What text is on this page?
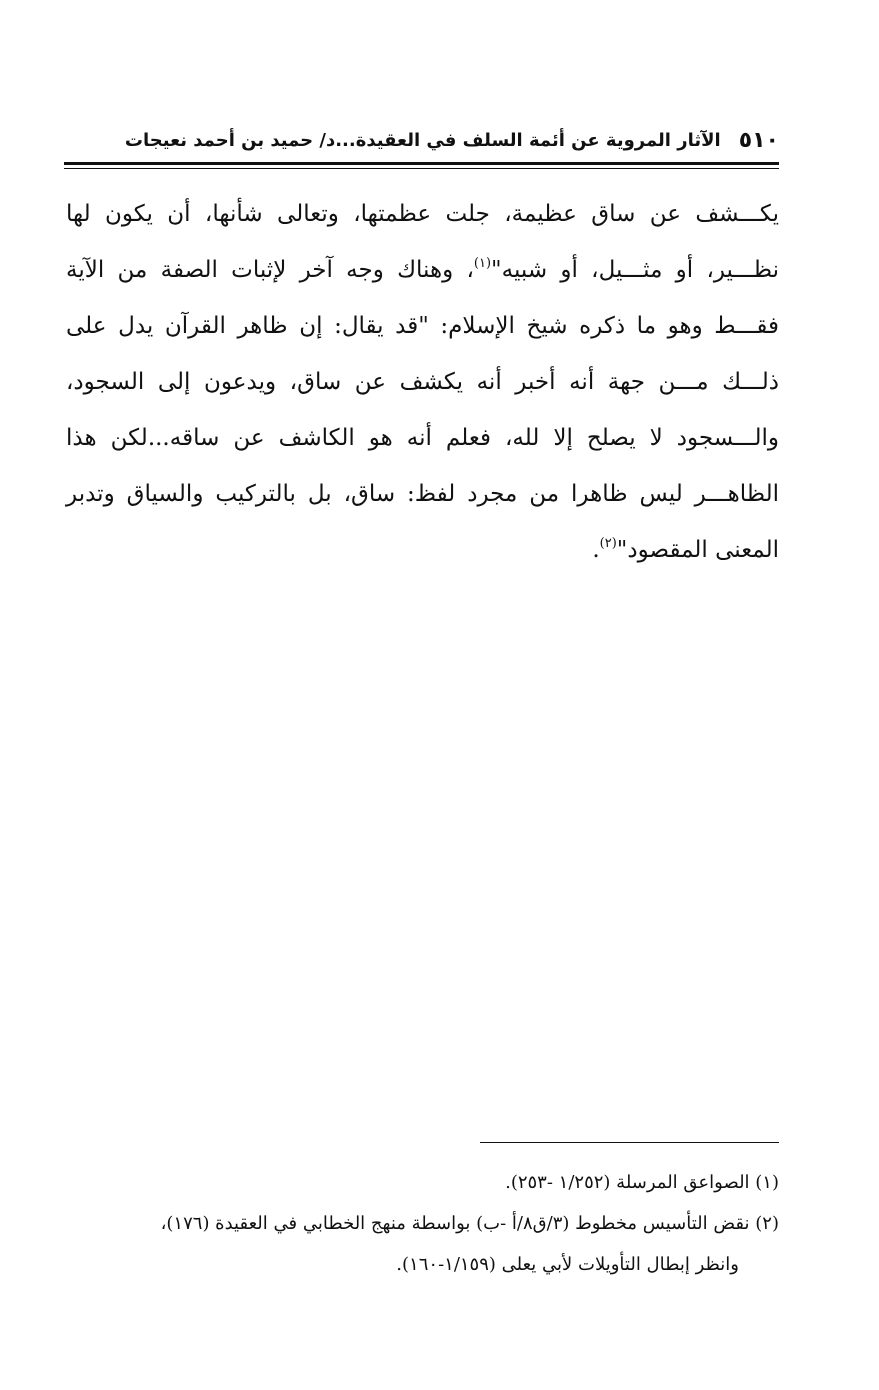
٥١٠
الآثار المروية عن أئمة السلف في العقيدة...د/ حميد بن أحمد نعيجات
يكـــشف عن ساق عظيمة، جلت عظمتها، وتعالى شأنها، أن يكون لها
نظـــير، أو مثـــيل، أو شبيه"$^{(١)}$، وهناك وجه آخر لإثبات الصفة من الآية
فقـــط وهو ما ذكره شيخ الإسلام: "قد يقال: إن ظاهر القرآن يدل على
ذلـــك مـــن جهة أنه أخبر أنه يكشف عن ساق، ويدعون إلى السجود،
والـــسجود لا يصلح إلا لله، فعلم أنه هو الكاشف عن ساقه...لكن هذا
الظاهـــر ليس ظاهرا من مجرد لفظ: ساق، بل بالتركيب والسياق وتدبر
المعنى المقصود"$^{(٢)}$.
(١) الصواعق المرسلة (١/٢٥٢ -٢٥٣).
(٢) نقض التأسيس مخطوط (٣/ق٨/أ -ب) بواسطة منهج الخطابي في العقيدة (١٧٦)،
وانظر إبطال التأويلات لأبي يعلى (١/١٥٩-١٦٠).
